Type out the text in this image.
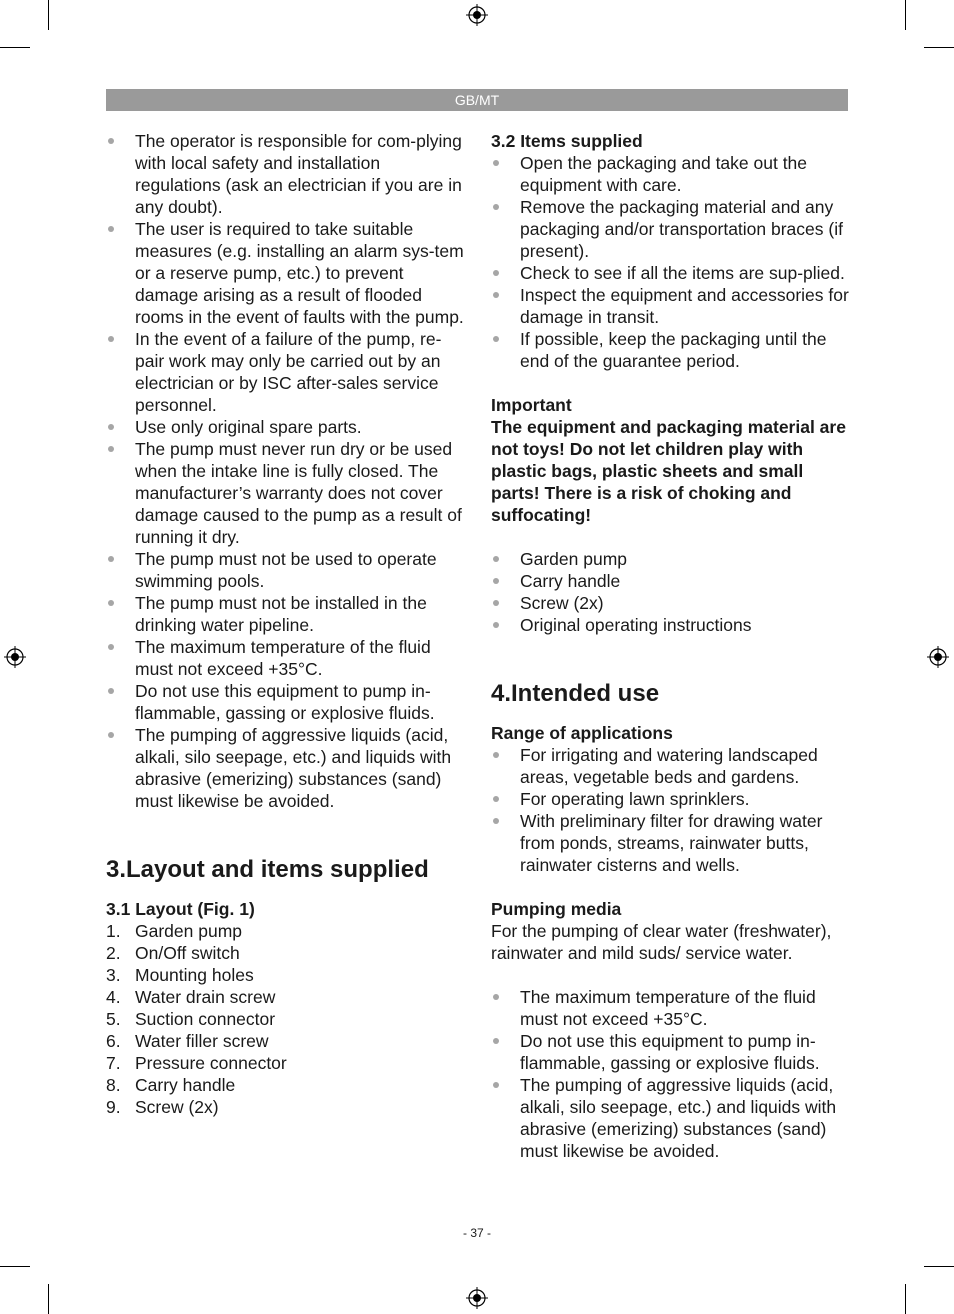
GB/MT
The operator is responsible for com-plying with local safety and installation regulations (ask an electrician if you are in any doubt).
The user is required to take suitable measures (e.g. installing an alarm sys-tem or a reserve pump, etc.) to prevent damage arising as a result of flooded rooms in the event of faults with the pump.
In the event of a failure of the pump, re-pair work may only be carried out by an electrician or by ISC after-sales service personnel.
Use only original spare parts.
The pump must never run dry or be used when the intake line is fully closed. The manufacturer’s warranty does not cover damage caused to the pump as a result of running it dry.
The pump must not be used to operate swimming pools.
The pump must not be installed in the drinking water pipeline.
The maximum temperature of the fluid must not exceed +35°C.
Do not use this equipment to pump in-flammable, gassing or explosive fluids.
The pumping of aggressive liquids (acid, alkali, silo seepage, etc.) and liquids with abrasive (emerizing) substances (sand) must likewise be avoided.
3.Layout and items supplied

3.1 Layout (Fig. 1)

1. Garden pump
2. On/Off switch
3. Mounting holes
4. Water drain screw
5. Suction connector
6. Water filler screw
7. Pressure connector
8. Carry handle
9. Screw (2x)

3.2 Items supplied

Open the packaging and take out the equipment with care.
Remove the packaging material and any packaging and/or transportation braces (if present).
Check to see if all the items are sup-plied.
Inspect the equipment and accessories for damage in transit.
If possible, keep the packaging until the end of the guarantee period.

Important

The equipment and packaging material are not toys! Do not let children play with plastic bags, plastic sheets and small parts! There is a risk of choking and suffocating!

Garden pump
Carry handle
Screw (2x)
Original operating instructions
4.Intended use

Range of applications

For irrigating and watering landscaped areas, vegetable beds and gardens.
For operating lawn sprinklers.
With preliminary filter for drawing water from ponds, streams, rainwater butts, rainwater cisterns and wells.

Pumping media

For the pumping of clear water (freshwater), rainwater and mild suds/ service water.

The maximum temperature of the fluid must not exceed +35°C.
Do not use this equipment to pump in-flammable, gassing or explosive fluids.
The pumping of aggressive liquids (acid, alkali, silo seepage, etc.) and liquids with abrasive (emerizing) substances (sand) must likewise be avoided.
- 37 -
